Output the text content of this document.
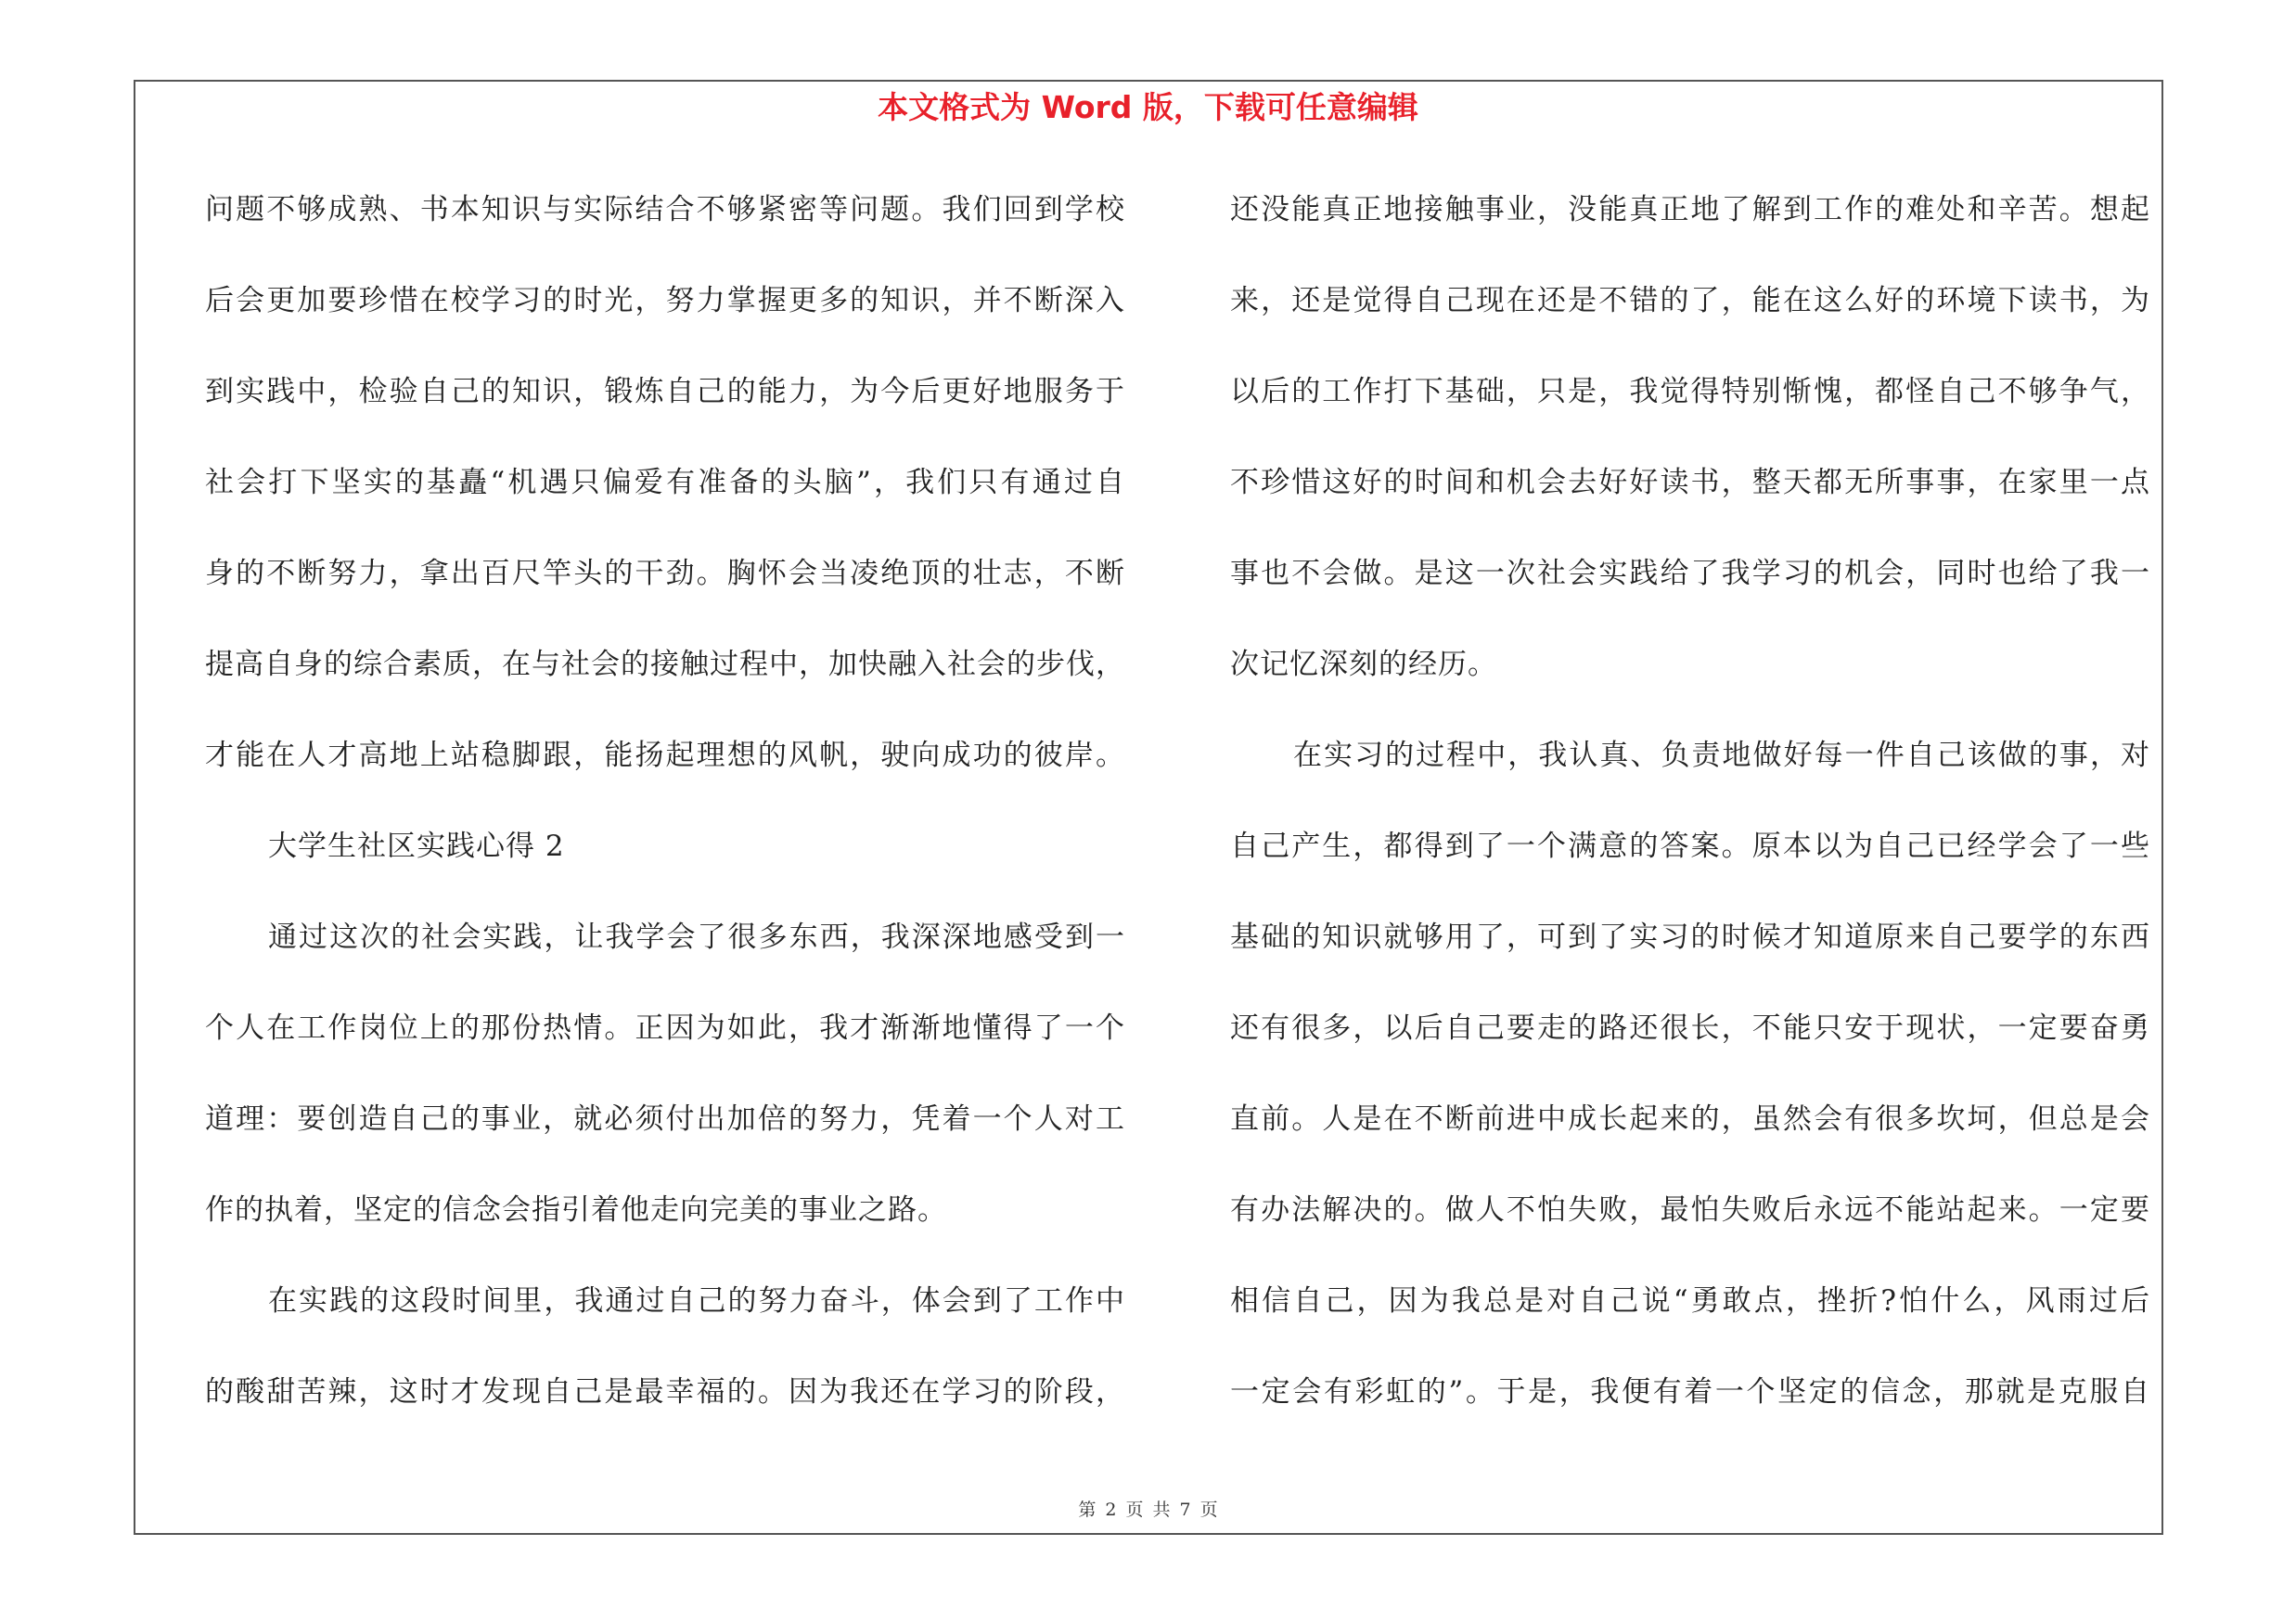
本文格式为 Word 版，下载可任意编辑
问题不够成熟、书本知识与实际结合不够紧密等问题。我们回到学校
后会更加要珍惜在校学习的时光，努力掌握更多的知识，并不断深入
到实践中，检验自己的知识，锻炼自己的能力，为今后更好地服务于
社会打下坚实的基矗“机遇只偏爱有准备的头脑”，我们只有通过自
身的不断努力，拿出百尺竿头的干劲。胸怀会当凌绝顶的壮志，不断
提高自身的综合素质，在与社会的接触过程中，加快融入社会的步伐，
才能在人才高地上站稳脚跟，能扬起理想的风帆，驶向成功的彼岸。
大学生社区实践心得 2
通过这次的社会实践，让我学会了很多东西，我深深地感受到一
个人在工作岗位上的那份热情。正因为如此，我才渐渐地懂得了一个
道理：要创造自己的事业，就必须付出加倍的努力，凭着一个人对工
作的执着，坚定的信念会指引着他走向完美的事业之路。
在实践的这段时间里，我通过自己的努力奋斗，体会到了工作中
的酸甜苦辣，这时才发现自己是最幸福的。因为我还在学习的阶段，
还没能真正地接触事业，没能真正地了解到工作的难处和辛苦。想起
来，还是觉得自己现在还是不错的了，能在这么好的环境下读书，为
以后的工作打下基础，只是，我觉得特别惭愧，都怪自己不够争气，
不珍惜这好的时间和机会去好好读书，整天都无所事事，在家里一点
事也不会做。是这一次社会实践给了我学习的机会，同时也给了我一
次记忆深刻的经历。
在实习的过程中，我认真、负责地做好每一件自己该做的事，对
自己产生，都得到了一个满意的答案。原本以为自己已经学会了一些
基础的知识就够用了，可到了实习的时候才知道原来自己要学的东西
还有很多，以后自己要走的路还很长，不能只安于现状，一定要奋勇
直前。人是在不断前进中成长起来的，虽然会有很多坎坷，但总是会
有办法解决的。做人不怕失败，最怕失败后永远不能站起来。一定要
相信自己，因为我总是对自己说“勇敢点，挫折?怕什么，风雨过后
一定会有彩虹的”。于是，我便有着一个坚定的信念，那就是克服自
第 2 页 共 7 页
